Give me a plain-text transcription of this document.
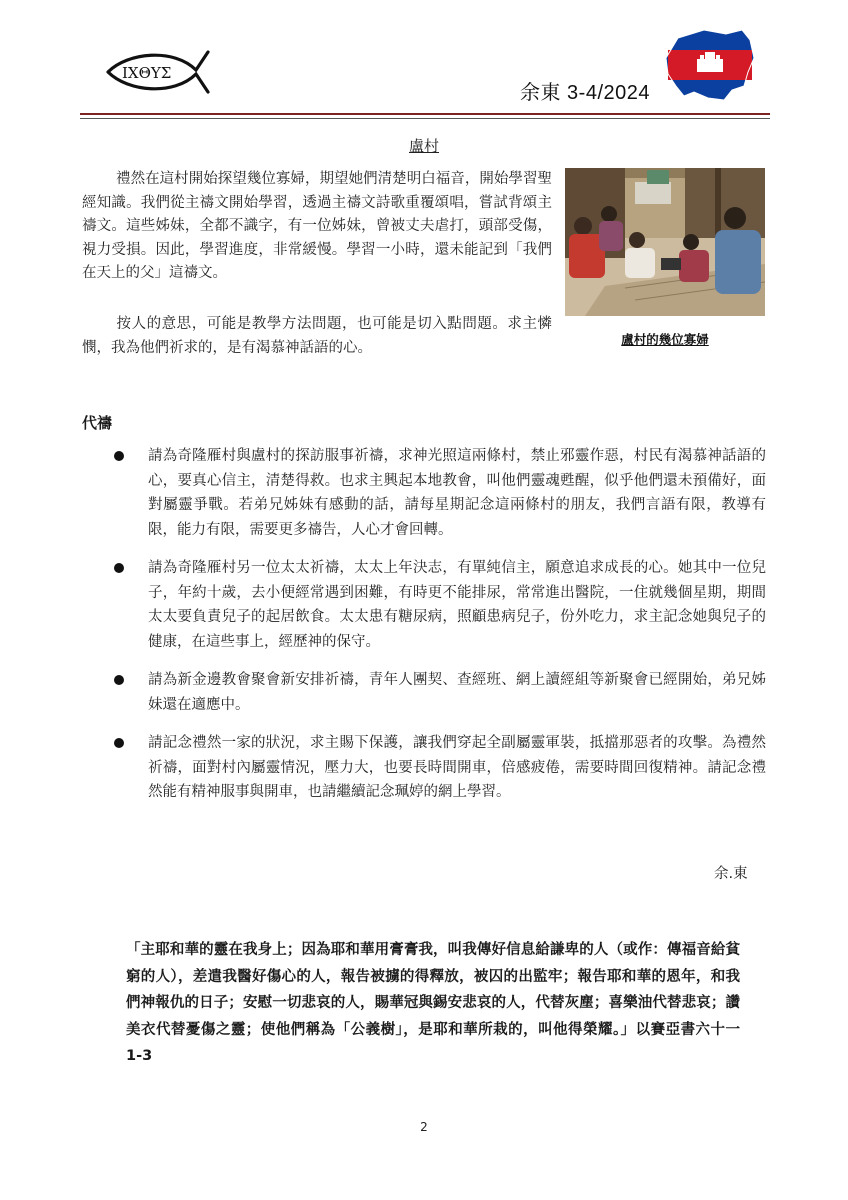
ΙΧΘΥΣ
余東 3-4/2024
盧村
禮然在這村開始探望幾位寡婦，期望她們清楚明白福音，開始學習聖經知識。我們從主禱文開始學習，透過主禱文詩歌重覆頌唱，嘗試背頌主禱文。這些姊妹，全都不識字，有一位姊妹，曾被丈夫虐打，頭部受傷，視力受損。因此，學習進度，非常緩慢。學習一小時，還未能記到「我們在天上的父」這禱文。
按人的意思，可能是教學方法問題，也可能是切入點問題。求主憐憫，我為他們祈求的，是有渴慕神話語的心。	盧村的幾位寡婦
代禱
請為奇隆雁村與盧村的探訪服事祈禱，求神光照這兩條村，禁止邪靈作惡，村民有渴慕神話語的心，要真心信主，清楚得救。也求主興起本地教會，叫他們靈魂甦醒，似乎他們還未預備好，面對屬靈爭戰。若弟兄姊妹有感動的話，請每星期記念這兩條村的朋友，我們言語有限，教導有限，能力有限，需要更多禱告，人心才會回轉。
請為奇隆雁村另一位太太祈禱，太太上年決志，有單純信主，願意追求成長的心。她其中一位兒子，年約十歲，去小便經常遇到困難，有時更不能排尿，常常進出醫院，一住就幾個星期，期間太太要負責兒子的起居飲食。太太患有糖尿病，照顧患病兒子，份外吃力，求主記念她與兒子的健康，在這些事上，經歷神的保守。
請為新金邊教會聚會新安排祈禱，青年人團契、查經班、網上讀經組等新聚會已經開始，弟兄姊妹還在適應中。
請記念禮然一家的狀況，求主賜下保護，讓我們穿起全副屬靈軍裝，抵擋那惡者的攻擊。為禮然祈禱，面對村內屬靈情況，壓力大，也要長時間開車，倍感疲倦，需要時間回復精神。請記念禮然能有精神服事與開車，也請繼續記念珮婷的網上學習。
余.東
「主耶和華的靈在我身上；因為耶和華用膏膏我，叫我傳好信息給謙卑的人（或作：傳福音給貧窮的人），差遣我醫好傷心的人，報告被擄的得釋放，被囚的出監牢；報告耶和華的恩年，和我們神報仇的日子；安慰一切悲哀的人，賜華冠與錫安悲哀的人，代替灰塵；喜樂油代替悲哀；讚美衣代替憂傷之靈；使他們稱為「公義樹」，是耶和華所栽的，叫他得榮耀。」以賽亞書六十一 1-3
2
